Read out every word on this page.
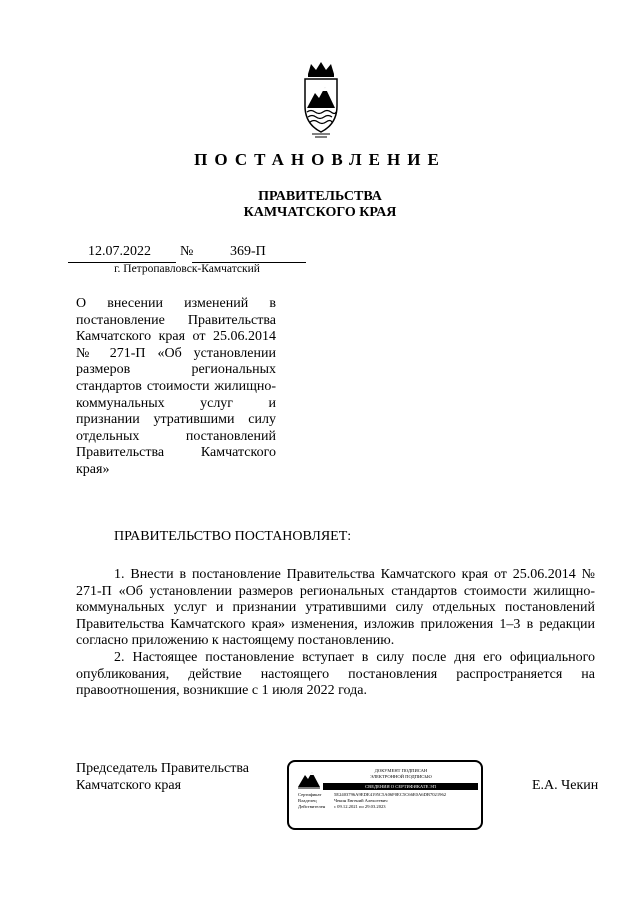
ПОСТАНОВЛЕНИЕ
ПРАВИТЕЛЬСТВА
КАМЧАТСКОГО КРАЯ
12.07.2022 №	369-П
г. Петропавловск-Камчатский

О внесении изменений в постановление Правительства Камчатского края от 25.06.2014 № 271-П «Об установлении размеров региональных стандартов стоимости жилищно-коммунальных услуг и признании утратившими силу отдельных постановлений Правительства Камчатского края»

ПРАВИТЕЛЬСТВО ПОСТАНОВЛЯЕТ:

1. Внести в постановление Правительства Камчатского края от 25.06.2014 № 271-П «Об установлении размеров региональных стандартов стоимости жилищно-коммунальных услуг и признании утратившими силу отдельных постановлений Правительства Камчатского края» изменения, изложив приложения 1–3 в редакции согласно приложению к настоящему постановлению.

2. Настоящее постановление вступает в силу после дня его официального опубликования, действие настоящего постановления распространяется на правоотношения, возникшие с 1 июля 2022 года.

Председатель Правительства
Камчатского края
ДОКУМЕНТ ПОДПИСАН
ЭЛЕКТРОННОЙ ПОДПИСЬЮ
СВЕДЕНИЯ О СЕРТИФИКАТЕ ЭП
Сертификат	5E2403796A9EDE4195C5A06F0EC5C66E0A6DB7021962
Владелец	Чекин Евгений Алексеевич
Действителен	с 09.12.2021 по 29.03.2023
Е.А. Чекин
